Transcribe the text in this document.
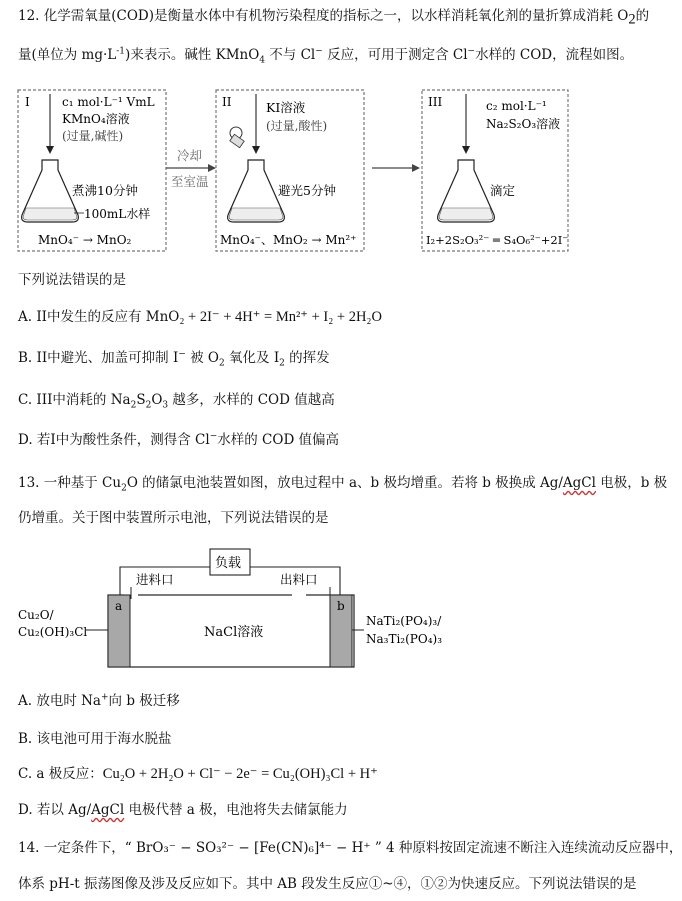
12. 化学需氧量(COD)是衡量水体中有机物污染程度的指标之一，以水样消耗氧化剂的量折算成消耗 $O_2$的
量(单位为 $mg\cdot L^{-1}$)来表示。碱性 KMnO$_4$ 不与 Cl− 反应，可用于测定含 Cl−水样的 COD，流程如图。
I	c₁ mol·L⁻¹ VmL
KMnO₄溶液
(过量,碱性)
煮沸10分钟
100mL水样
MnO₄⁻ → MnO₂
冷却
至室温
II	KI溶液
(过量,酸性)
避光5分钟
MnO₄⁻、MnO₂ → Mn²⁺
III	c₂ mol·L⁻¹
Na₂S₂O₃溶液
滴定
I₂+2S₂O₃²⁻ ═ S₄O₆²⁻+2I⁻
下列说法错误的是
A. II中发生的反应有 MnO₂ + 2I⁻ + 4H⁺ = Mn²⁺ + I₂ + 2H₂O
B. II中避光、加盖可抑制 I− 被 $O_2$ 氧化及 $I_2$ 的挥发
C. III中消耗的 $Na_2S_2O_3$ 越多，水样的 COD 值越高
D. 若I中为酸性条件，测得含 Cl−水样的 COD 值偏高
13. 一种基于 $Cu_2O$ 的储氯电池装置如图，放电过程中 a、b 极均增重。若将 b 极换成 Ag/AgCl 电极，b 极
仍增重。关于图中装置所示电池，下列说法错误的是
负载
进料口	出料口
a	b
NaCl溶液
Cu₂O/
Cu₂(OH)₃Cl
NaTi₂(PO₄)₃/
Na₃Ti₂(PO₄)₃
A. 放电时 Na+向 b 极迁移
B. 该电池可用于海水脱盐
C. a 极反应：Cu₂O + 2H₂O + Cl⁻ − 2e⁻ = Cu₂(OH)₃Cl + H⁺
D. 若以 Ag/AgCl 电极代替 a 极，电池将失去储氯能力
14. 一定条件下，“ BrO₃⁻ − SO₃²⁻ − [Fe(CN)₆]⁴⁻ − H⁺ ” 4 种原料按固定流速不断注入连续流动反应器中，
体系 pH-t 振荡图像及涉及反应如下。其中 AB 段发生反应①~④，①②为快速反应。下列说法错误的是
